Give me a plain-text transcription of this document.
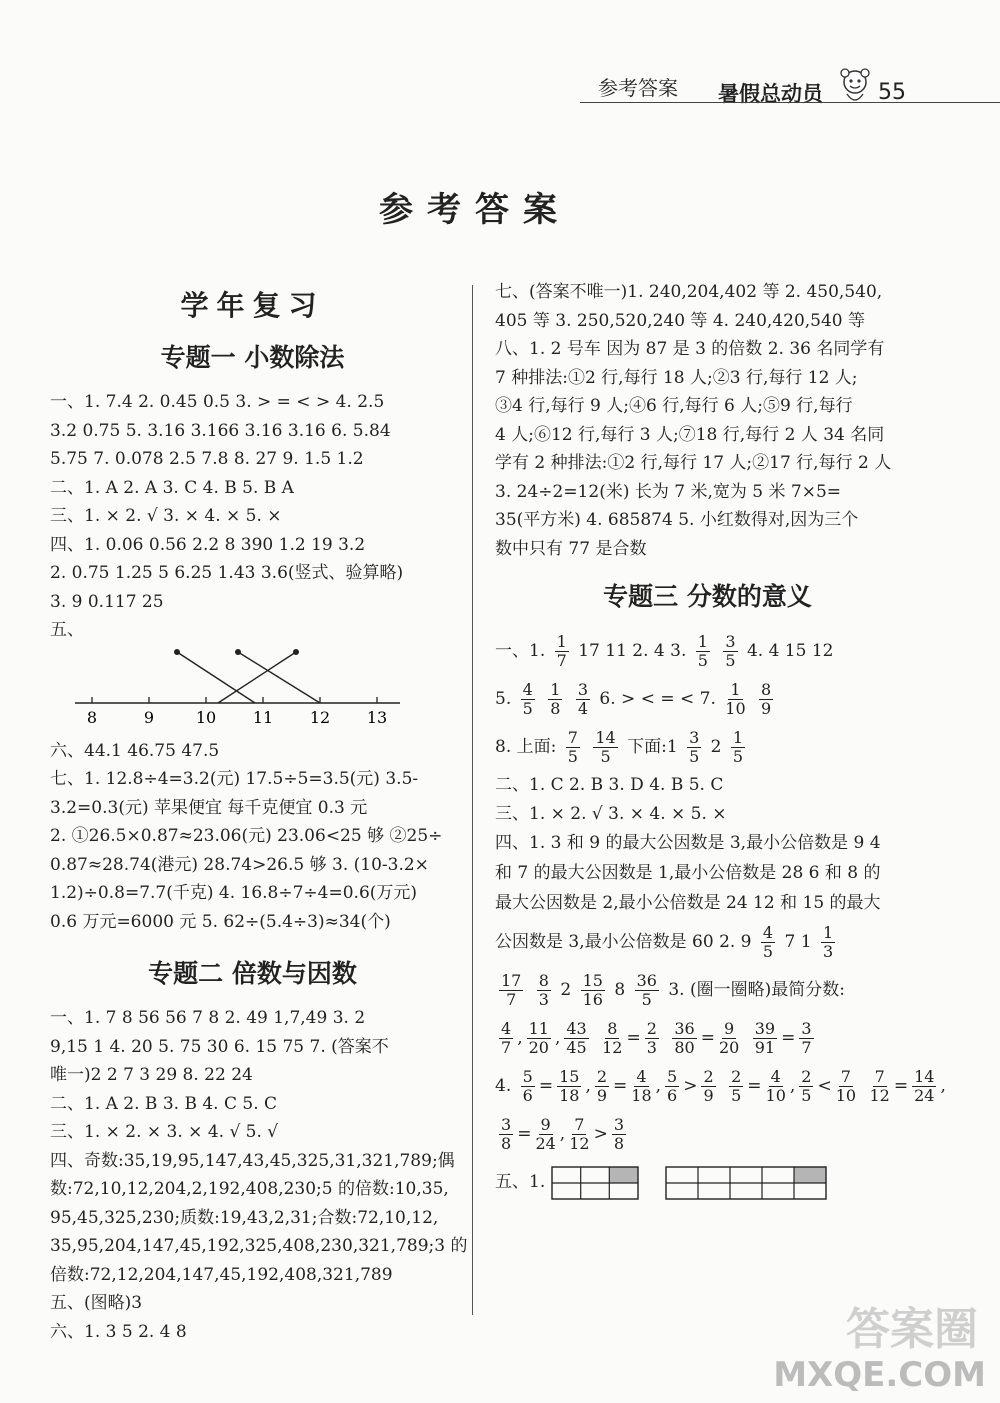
参考答案 暑假总动员	55
参考答案

学年复习

专题一 小数除法

一、1. 7.4 2. 0.45 0.5 3. > = < > 4. 2.5

3.2 0.75 5. 3.16 3.166 3.16 3.16 6. 5.84

5.75 7. 0.078 2.5 7.8 8. 27 9. 1.5 1.2

二、1. A 2. A 3. C 4. B 5. B A

三、1. × 2. √ 3. × 4. × 5. ×

四、1. 0.06 0.56 2.2 8 390 1.2 19 3.2

2. 0.75 1.25 5 6.25 1.43 3.6(竖式、验算略)

3. 9 0.117 25

五、

8	9	10 11 12 13

六、44.1 46.75 47.5

七、1. 12.8÷4=3.2(元) 17.5÷5=3.5(元) 3.5-

3.2=0.3(元) 苹果便宜 每千克便宜 0.3 元

2. ①26.5×0.87≈23.06(元) 23.06<25 够 ②25÷

0.87≈28.74(港元) 28.74>26.5 够 3. (10-3.2×

1.2)÷0.8=7.7(千克) 4. 16.8÷7÷4=0.6(万元)

0.6 万元=6000 元 5. 62÷(5.4÷3)≈34(个)

专题二 倍数与因数

一、1. 7 8 56 56 7 8 2. 49 1,7,49 3. 2

9,15 1 4. 20 5. 75 30 6. 15 75 7. (答案不

唯一)2 2 7 3 29 8. 22 24

二、1. A 2. B 3. B 4. C 5. C

三、1. × 2. × 3. × 4. √ 5. √

四、奇数:35,19,95,147,43,45,325,31,321,789;偶

数:72,10,12,204,2,192,408,230;5 的倍数:10,35,

95,45,325,230;质数:19,43,2,31;合数:72,10,12,

35,95,204,147,45,192,325,408,230,321,789;3 的

倍数:72,12,204,147,45,192,408,321,789

五、(图略)3

六、1. 3 5 2. 4 8

七、(答案不唯一)1. 240,204,402 等 2. 450,540,

405 等 3. 250,520,240 等 4. 240,420,540 等

八、1. 2 号车 因为 87 是 3 的倍数 2. 36 名同学有

7 种排法:①2 行,每行 18 人;②3 行,每行 12 人;

③4 行,每行 9 人;④6 行,每行 6 人;⑤9 行,每行

4 人;⑥12 行,每行 3 人;⑦18 行,每行 2 人 34 名同

学有 2 种排法:①2 行,每行 17 人;②17 行,每行 2 人

3. 24÷2=12(米) 长为 7 米,宽为 5 米 7×5=

35(平方米) 4. 685874 5. 小红数得对,因为三个

数中只有 77 是合数

专题三 分数的意义

一、1. $\frac{1}{7} 17$ 11 2. 4 3. $\frac{1}{5}$
$\frac{3}{5} 4$. 4 15 12

5. $\frac{4}{5}$
$\frac{1}{8}$
$\frac{3}{4} 6$. > < = < 7. $\frac{1}{10}$
$\frac{8}{9}$

8. 上面: $\frac{7}{5}$
$\frac{14}{5}$ 下面:1 $\frac{3}{5} 2 \frac{1}{5}$

二、1. C 2. B 3. D 4. B 5. C

三、1. × 2. √ 3. × 4. × 5. ×

四、1. 3 和 9 的最大公因数是 3,最小公倍数是 9 4

和 7 的最大公因数是 1,最小公倍数是 28 6 和 8 的

最大公因数是 2,最小公倍数是 24 12 和 15 的最大

公因数是 3,最小公倍数是 60 2. $9 \frac{4}{5} 7$ $1 \frac{1}{3}$

$\frac{17}{7}$
$\frac{8}{3} 2 \frac{15}{16} 8 \frac{36}{5} 3$. (圈一圈略)最简分数:

$\frac{4}{7}$ , $\frac{11}{20}$ , $\frac{43}{45}$
$\frac{8}{12} = \frac{2}{3}$
$\frac{36}{80} = \frac{9}{20}$
$\frac{39}{91} = \frac{3}{7}$

4. $\frac{5}{6} = \frac{15}{18}$ , $\frac{2}{9} = \frac{4}{18}$ , $\frac{5}{6} > \frac{2}{9}$
$\frac{2}{5} = \frac{4}{10}$ , $\frac{2}{5} < \frac{7}{10}$
$\frac{7}{12} = \frac{14}{24}$ ,

$\frac{3}{8} = \frac{9}{24}$ , $\frac{7}{12} > \frac{3}{8}$

五、1.

答案圈
MXQE.COM
